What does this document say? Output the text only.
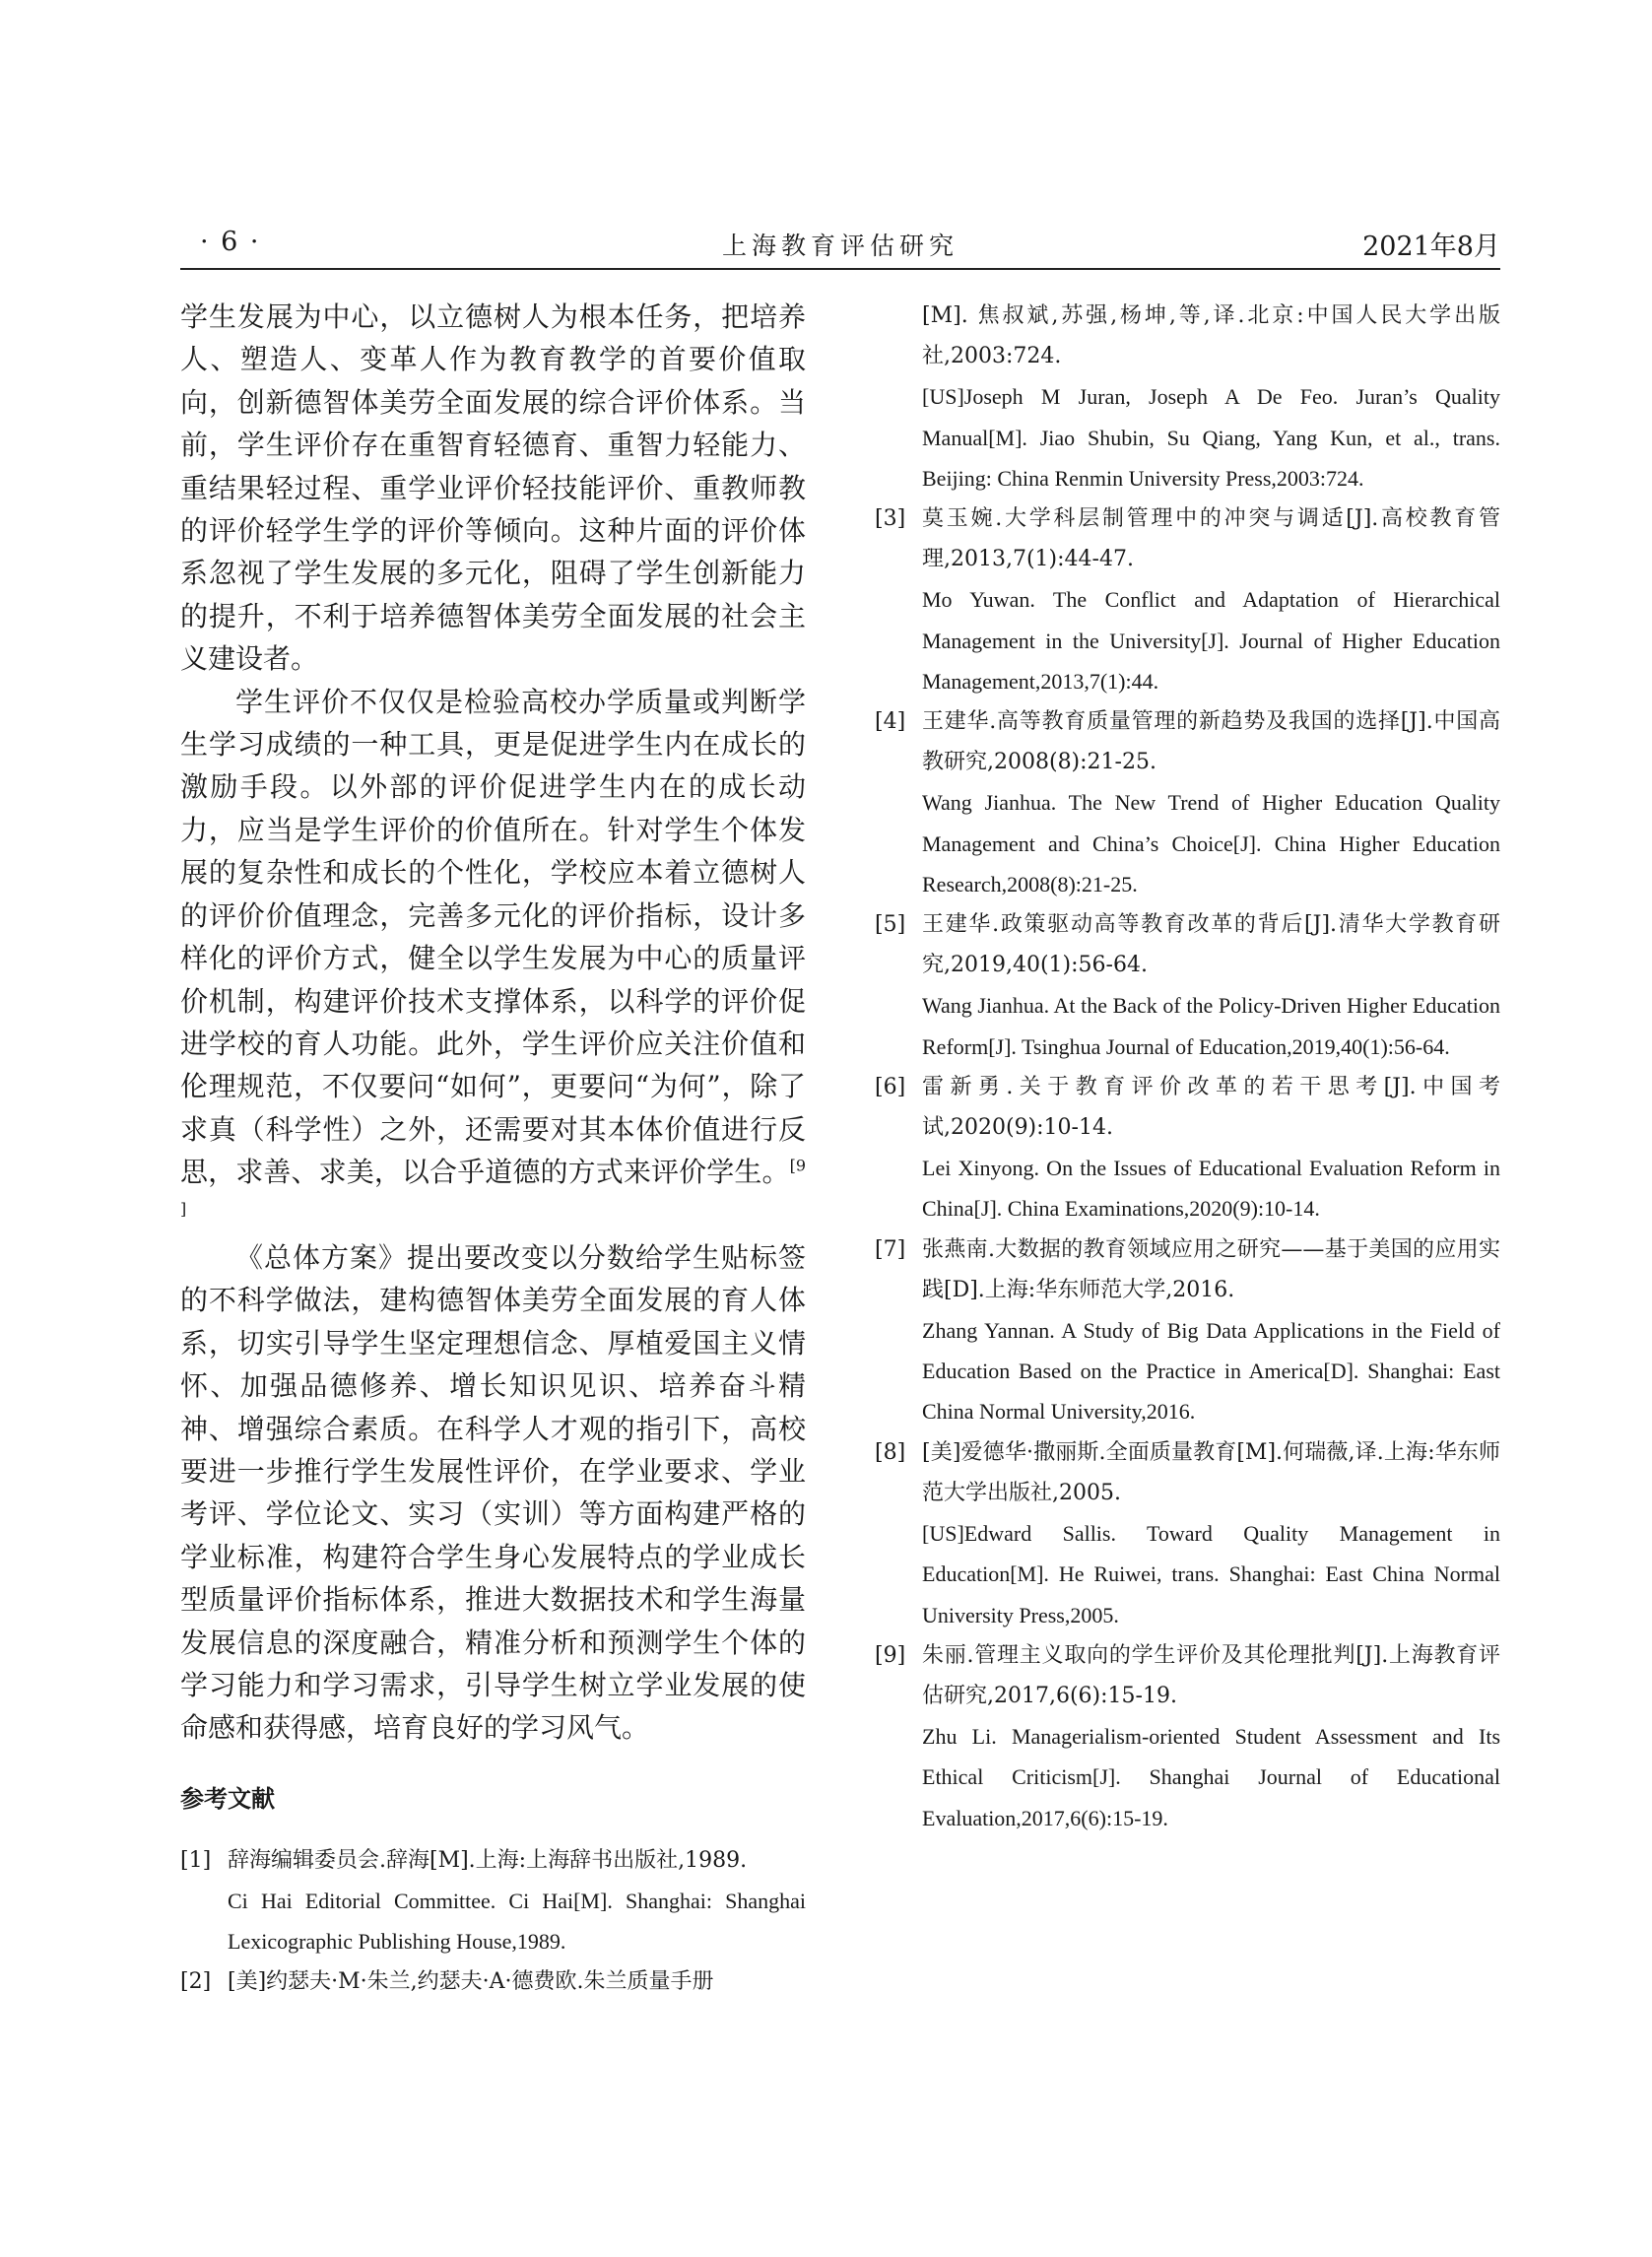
· 6 ·	上海教育评估研究	2021年8月

学生发展为中心，以立德树人为根本任务，把培养人、塑造人、变革人作为教育教学的首要价值取向，创新德智体美劳全面发展的综合评价体系。当前，学生评价存在重智育轻德育、重智力轻能力、重结果轻过程、重学业评价轻技能评价、重教师教的评价轻学生学的评价等倾向。这种片面的评价体系忽视了学生发展的多元化，阻碍了学生创新能力的提升，不利于培养德智体美劳全面发展的社会主义建设者。

学生评价不仅仅是检验高校办学质量或判断学生学习成绩的一种工具，更是促进学生内在成长的激励手段。以外部的评价促进学生内在的成长动力，应当是学生评价的价值所在。针对学生个体发展的复杂性和成长的个性化，学校应本着立德树人的评价价值理念，完善多元化的评价指标，设计多样化的评价方式，健全以学生发展为中心的质量评价机制，构建评价技术支撑体系，以科学的评价促进学校的育人功能。此外，学生评价应关注价值和伦理规范，不仅要问“如何”，更要问“为何”，除了求真（科学性）之外，还需要对其本体价值进行反思，求善、求美，以合乎道德的方式来评价学生。[9 ]

《总体方案》提出要改变以分数给学生贴标签的不科学做法，建构德智体美劳全面发展的育人体系，切实引导学生坚定理想信念、厚植爱国主义情怀、加强品德修养、增长知识见识、培养奋斗精神、增强综合素质。在科学人才观的指引下，高校要进一步推行学生发展性评价，在学业要求、学业考评、学位论文、实习（实训）等方面构建严格的学业标准，构建符合学生身心发展特点的学业成长型质量评价指标体系，推进大数据技术和学生海量发展信息的深度融合，精准分析和预测学生个体的学习能力和学习需求，引导学生树立学业发展的使命感和获得感，培育良好的学习风气。

参考文献
[1] 辞海编辑委员会.辞海[M].上海:上海辞书出版社,1989.
Ci Hai Editorial Committee. Ci Hai[M]. Shanghai: Shanghai Lexicographic Publishing House,1989.
[2] [美]约瑟夫·M·朱兰,约瑟夫·A·德费欧.朱兰质量手册
[M]. 焦叔斌,苏强,杨坤,等,译.北京:中国人民大学出版社,2003:724.
[US]Joseph M Juran, Joseph A De Feo. Juran’s Quality Manual[M]. Jiao Shubin, Su Qiang, Yang Kun, et al., trans. Beijing: China Renmin University Press,2003:724.
[3] 莫玉婉.大学科层制管理中的冲突与调适[J].高校教育管理,2013,7(1):44-47.
Mo Yuwan. The Conflict and Adaptation of Hierarchical Management in the University[J]. Journal of Higher Education Management,2013,7(1):44.
[4] 王建华.高等教育质量管理的新趋势及我国的选择[J].中国高教研究,2008(8):21-25.
Wang Jianhua. The New Trend of Higher Education Quality Management and China’s Choice[J]. China Higher Education Research,2008(8):21-25.
[5] 王建华.政策驱动高等教育改革的背后[J].清华大学教育研究,2019,40(1):56-64.
Wang Jianhua. At the Back of the Policy-Driven Higher Education Reform[J]. Tsinghua Journal of Education,2019,40(1):56-64.
[6] 雷新勇.关于教育评价改革的若干思考[J].中国考试,2020(9):10-14.
Lei Xinyong. On the Issues of Educational Evaluation Reform in China[J]. China Examinations,2020(9):10-14.
[7] 张燕南.大数据的教育领域应用之研究——基于美国的应用实践[D].上海:华东师范大学,2016.
Zhang Yannan. A Study of Big Data Applications in the Field of Education Based on the Practice in America[D]. Shanghai: East China Normal University,2016.
[8] [美]爱德华·撒丽斯.全面质量教育[M].何瑞薇,译.上海:华东师范大学出版社,2005.
[US]Edward Sallis. Toward Quality Management in Education[M]. He Ruiwei, trans. Shanghai: East China Normal University Press,2005.
[9] 朱丽.管理主义取向的学生评价及其伦理批判[J].上海教育评估研究,2017,6(6):15-19.
Zhu Li. Managerialism-oriented Student Assessment and Its Ethical Criticism[J]. Shanghai Journal of Educational Evaluation,2017,6(6):15-19.
